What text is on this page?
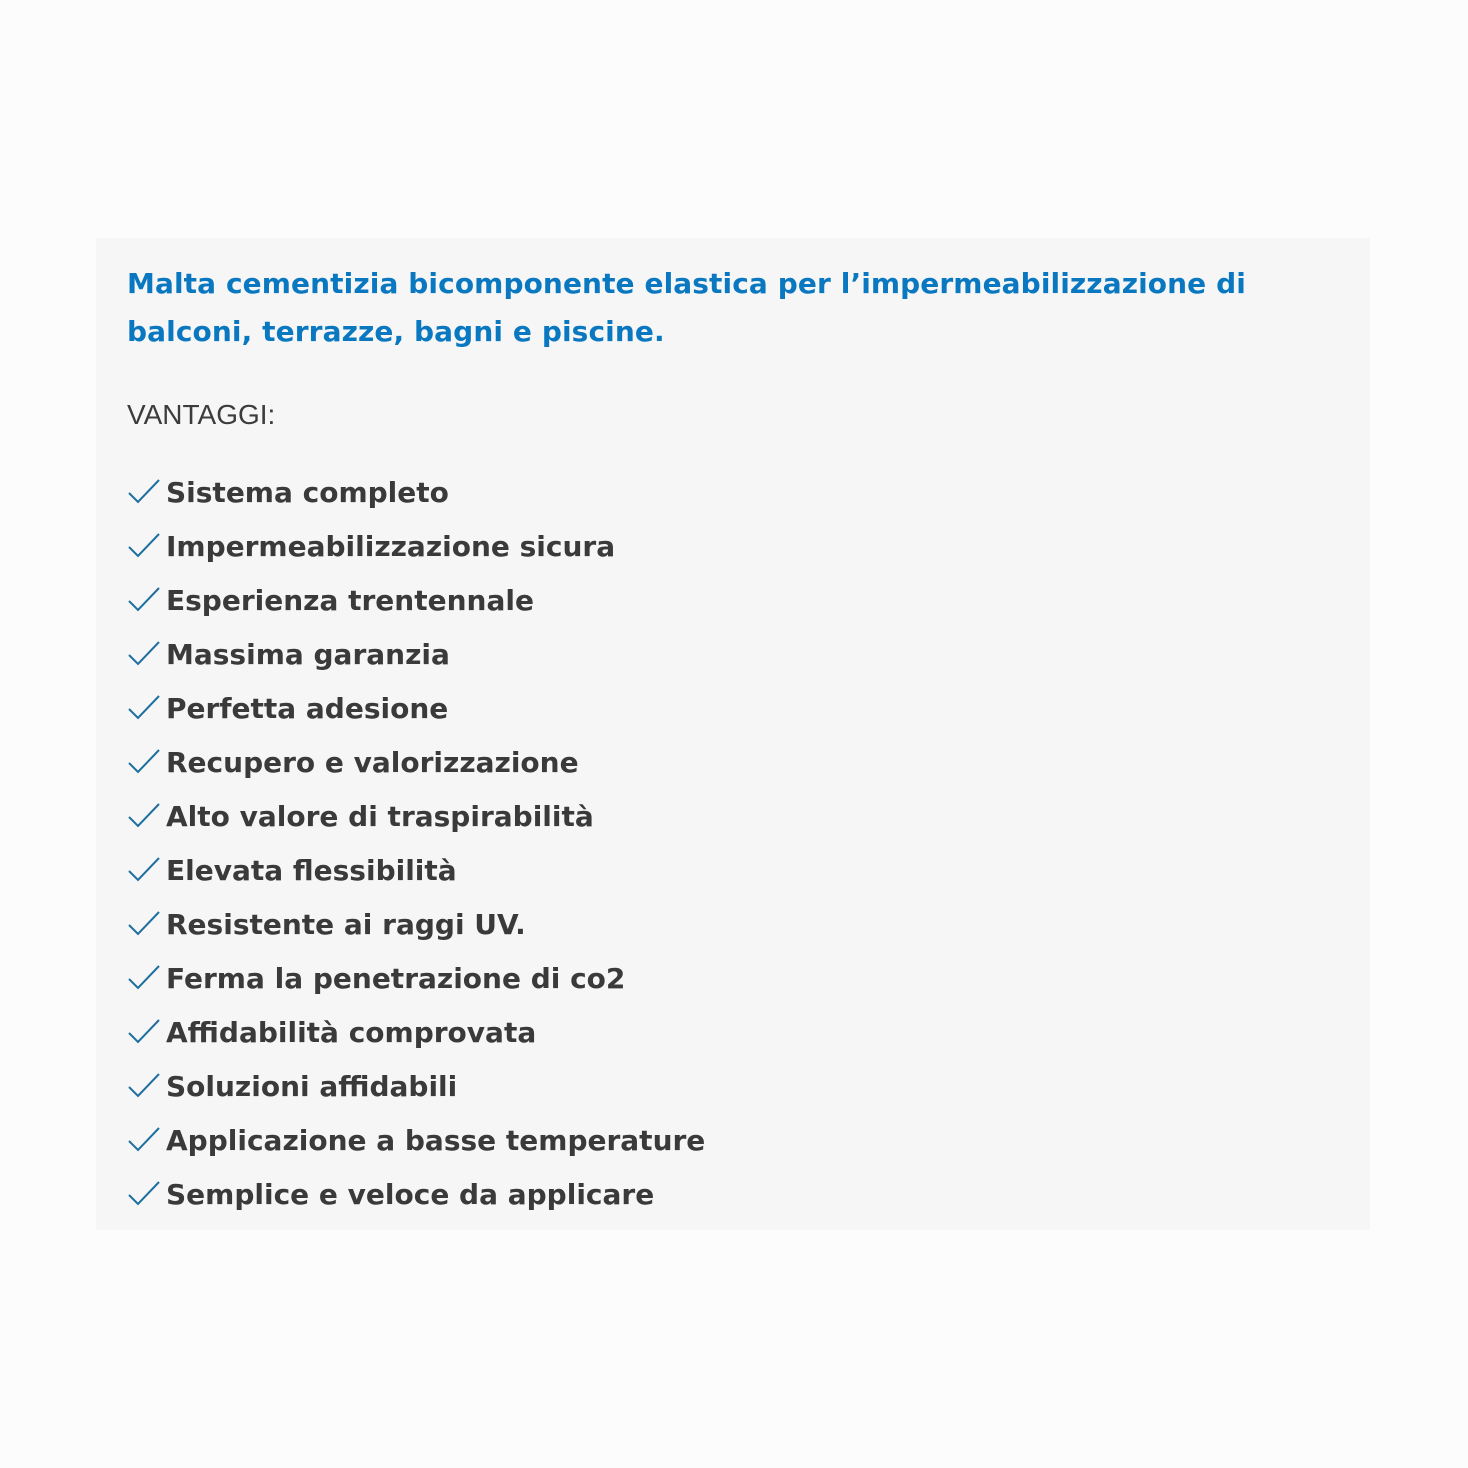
Malta cementizia bicomponente elastica per l’impermeabilizzazione di balconi, terrazze, bagni e piscine.
VANTAGGI:
Sistema completo
Impermeabilizzazione sicura
Esperienza trentennale
Massima garanzia
Perfetta adesione
Recupero e valorizzazione
Alto valore di traspirabilità
Elevata flessibilità
Resistente ai raggi UV.
Ferma la penetrazione di co2
Affidabilità comprovata
Soluzioni affidabili
Applicazione a basse temperature
Semplice e veloce da applicare
